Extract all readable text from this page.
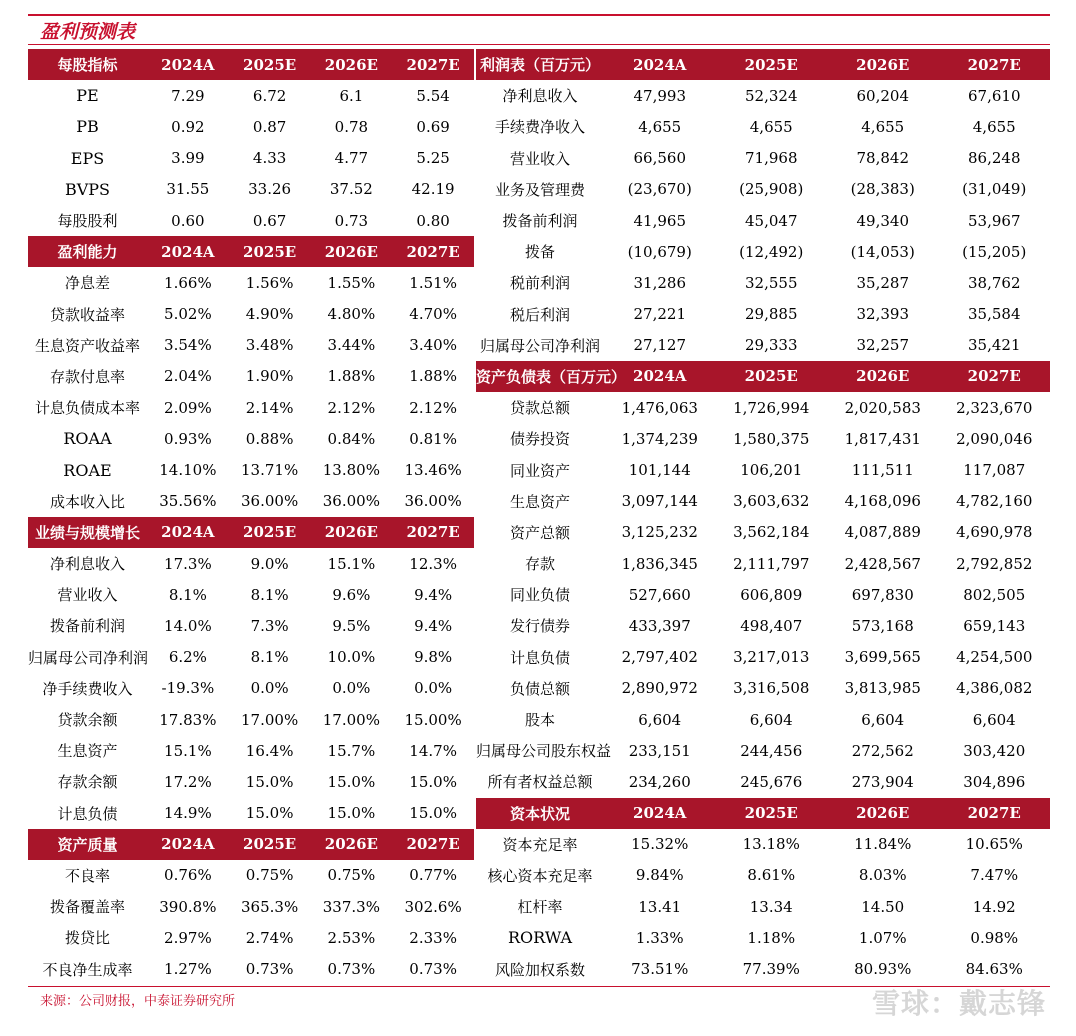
盈利预测表
每股指标	2024A	2025E	2026E	2027E
PE	7.29	6.72	6.1	5.54
PB	0.92	0.87	0.78	0.69
EPS	3.99	4.33	4.77	5.25
BVPS	31.55	33.26	37.52	42.19
每股股利	0.60	0.67	0.73	0.80
盈利能力	2024A	2025E	2026E	2027E
净息差	1.66%	1.56%	1.55%	1.51%
贷款收益率	5.02%	4.90%	4.80%	4.70%
生息资产收益率	3.54%	3.48%	3.44%	3.40%
存款付息率	2.04%	1.90%	1.88%	1.88%
计息负债成本率	2.09%	2.14%	2.12%	2.12%
ROAA	0.93%	0.88%	0.84%	0.81%
ROAE	14.10%	13.71%	13.80%	13.46%
成本收入比	35.56%	36.00%	36.00%	36.00%
业绩与规模增长	2024A	2025E	2026E	2027E
净利息收入	17.3%	9.0%	15.1%	12.3%
营业收入	8.1%	8.1%	9.6%	9.4%
拨备前利润	14.0%	7.3%	9.5%	9.4%
归属母公司净利润	6.2%	8.1%	10.0%	9.8%
净手续费收入	-19.3%	0.0%	0.0%	0.0%
贷款余额	17.83%	17.00%	17.00%	15.00%
生息资产	15.1%	16.4%	15.7%	14.7%
存款余额	17.2%	15.0%	15.0%	15.0%
计息负债	14.9%	15.0%	15.0%	15.0%
资产质量	2024A	2025E	2026E	2027E
不良率	0.76%	0.75%	0.75%	0.77%
拨备覆盖率	390.8%	365.3%	337.3%	302.6%
拨贷比	2.97%	2.74%	2.53%	2.33%
不良净生成率	1.27%	0.73%	0.73%	0.73%
利润表（百万元）	2024A	2025E	2026E	2027E
净利息收入	47,993	52,324	60,204	67,610
手续费净收入	4,655	4,655	4,655	4,655
营业收入	66,560	71,968	78,842	86,248
业务及管理费	(23,670)	(25,908)	(28,383)	(31,049)
拨备前利润	41,965	45,047	49,340	53,967
拨备	(10,679)	(12,492)	(14,053)	(15,205)
税前利润	31,286	32,555	35,287	38,762
税后利润	27,221	29,885	32,393	35,584
归属母公司净利润	27,127	29,333	32,257	35,421
资产负债表（百万元） 2024A	2025E	2026E	2027E
贷款总额	1,476,063	1,726,994	2,020,583	2,323,670
债券投资	1,374,239	1,580,375	1,817,431	2,090,046
同业资产	101,144	106,201	111,511	117,087
生息资产	3,097,144	3,603,632	4,168,096	4,782,160
资产总额	3,125,232	3,562,184	4,087,889	4,690,978
存款	1,836,345	2,111,797	2,428,567	2,792,852
同业负债	527,660	606,809	697,830	802,505
发行债券	433,397	498,407	573,168	659,143
计息负债	2,797,402	3,217,013	3,699,565	4,254,500
负债总额	2,890,972	3,316,508	3,813,985	4,386,082
股本	6,604	6,604	6,604	6,604
归属母公司股东权益	233,151	244,456	272,562	303,420
所有者权益总额	234,260	245,676	273,904	304,896
资本状况	2024A	2025E	2026E	2027E
资本充足率	15.32%	13.18%	11.84%	10.65%
核心资本充足率	9.84%	8.61%	8.03%	7.47%
杠杆率	13.41	13.34	14.50	14.92
RORWA	1.33%	1.18%	1.07%	0.98%
风险加权系数	73.51%	77.39%	80.93%	84.63%
来源：公司财报，中泰证券研究所	雪球：戴志锋
